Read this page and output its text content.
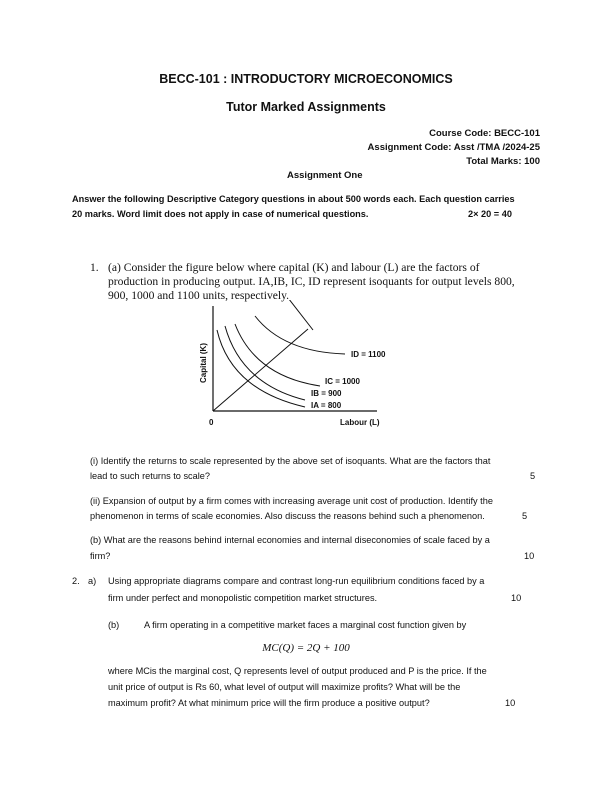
BECC-101 : INTRODUCTORY MICROECONOMICS
Tutor Marked Assignments
Course Code: BECC-101
Assignment Code: Asst /TMA /2024-25
Total Marks: 100
Assignment One
Answer the following Descriptive Category questions in about 500 words each. Each question carries
20 marks. Word limit does not apply in case of numerical questions.	2× 20 = 40
1. (a) Consider the figure below where capital (K) and labour (L) are the factors of
production in producing output. IA,IB, IC, ID represent isoquants for output levels 800,
900, 1000 and 1100 units, respectively.
Capital (K)
0	Labour (L)
ID = 1100
IC = 1000
IB = 900
IA = 800
(i) Identify the returns to scale represented by the above set of isoquants. What are the factors that
lead to such returns to scale?	5
(ii) Expansion of output by a firm comes with increasing average unit cost of production. Identify the
phenomenon in terms of scale economies. Also discuss the reasons behind such a phenomenon.	5
(b) What are the reasons behind internal economies and internal diseconomies of scale faced by a
firm?	10
2. a) Using appropriate diagrams compare and contrast long-run equilibrium conditions faced by a
firm under perfect and monopolistic competition market structures.	10
(b)	A firm operating in a competitive market faces a marginal cost function given by
MC(Q) = 2Q + 100
where MCis the marginal cost, Q represents level of output produced and P is the price. If the
unit price of output is Rs 60, what level of output will maximize profits? What will be the
maximum profit? At what minimum price will the firm produce a positive output?	10
